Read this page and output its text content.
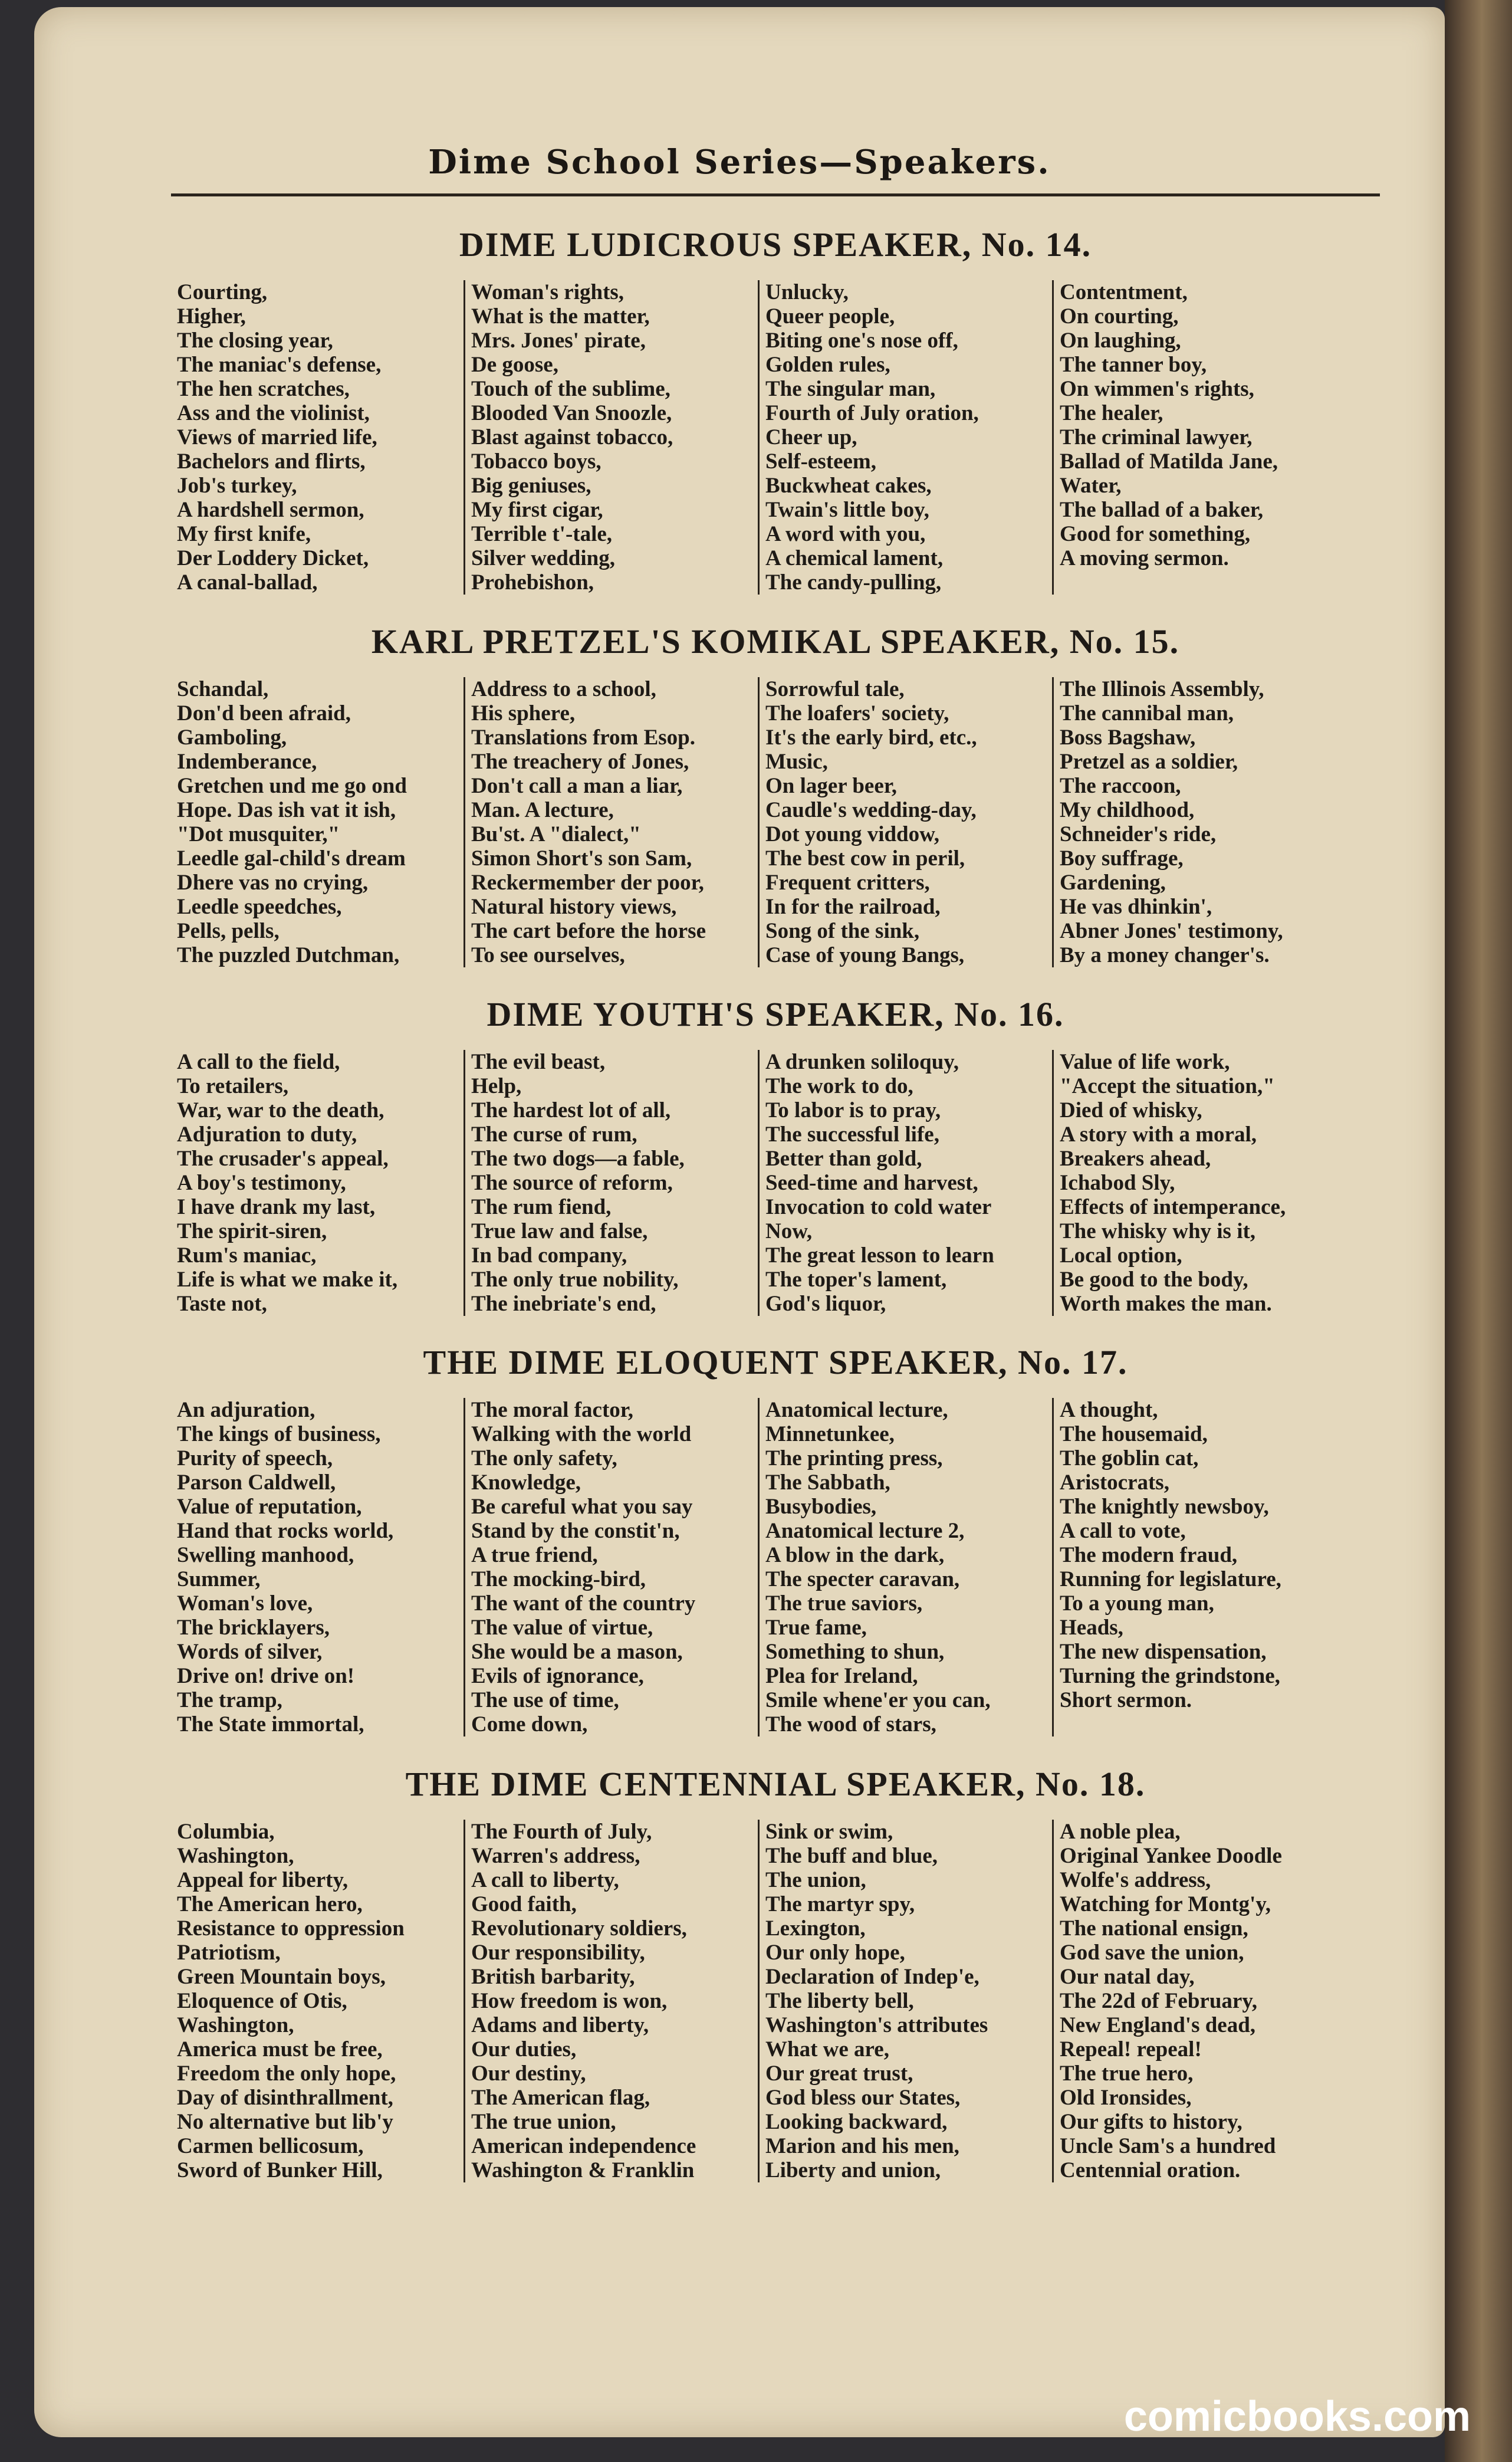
Dime School Series—Speakers.
DIME LUDICROUS SPEAKER, No. 14.
Courting,
Higher,
The closing year,
The maniac's defense,
The hen scratches,
Ass and the violinist,
Views of married life,
Bachelors and flirts,
Job's turkey,
A hardshell sermon,
My first knife,
Der Loddery Dicket,
A canal-ballad,
Woman's rights,
What is the matter,
Mrs. Jones' pirate,
De goose,
Touch of the sublime,
Blooded Van Snoozle,
Blast against tobacco,
Tobacco boys,
Big geniuses,
My first cigar,
Terrible t'-tale,
Silver wedding,
Prohebishon,
Unlucky,
Queer people,
Biting one's nose off,
Golden rules,
The singular man,
Fourth of July oration,
Cheer up,
Self-esteem,
Buckwheat cakes,
Twain's little boy,
A word with you,
A chemical lament,
The candy-pulling,
Contentment,
On courting,
On laughing,
The tanner boy,
On wimmen's rights,
The healer,
The criminal lawyer,
Ballad of Matilda Jane,
Water,
The ballad of a baker,
Good for something,
A moving sermon.
KARL PRETZEL'S KOMIKAL SPEAKER, No. 15.
Schandal,
Don'd been afraid,
Gamboling,
Indemberance,
Gretchen und me go ond
Hope. Das ish vat it ish,
"Dot musquiter,"
Leedle gal-child's dream
Dhere vas no crying,
Leedle speedches,
Pells, pells,
The puzzled Dutchman,
Address to a school,
His sphere,
Translations from Esop.
The treachery of Jones,
Don't call a man a liar,
Man. A lecture,
Bu'st. A "dialect,"
Simon Short's son Sam,
Reckermember der poor,
Natural history views,
The cart before the horse
To see ourselves,
Sorrowful tale,
The loafers' society,
It's the early bird, etc.,
Music,
On lager beer,
Caudle's wedding-day,
Dot young viddow,
The best cow in peril,
Frequent critters,
In for the railroad,
Song of the sink,
Case of young Bangs,
The Illinois Assembly,
The cannibal man,
Boss Bagshaw,
Pretzel as a soldier,
The raccoon,
My childhood,
Schneider's ride,
Boy suffrage,
Gardening,
He vas dhinkin',
Abner Jones' testimony,
By a money changer's.
DIME YOUTH'S SPEAKER, No. 16.
A call to the field,
To retailers,
War, war to the death,
Adjuration to duty,
The crusader's appeal,
A boy's testimony,
I have drank my last,
The spirit-siren,
Rum's maniac,
Life is what we make it,
Taste not,
The evil beast,
Help,
The hardest lot of all,
The curse of rum,
The two dogs—a fable,
The source of reform,
The rum fiend,
True law and false,
In bad company,
The only true nobility,
The inebriate's end,
A drunken soliloquy,
The work to do,
To labor is to pray,
The successful life,
Better than gold,
Seed-time and harvest,
Invocation to cold water
Now,
The great lesson to learn
The toper's lament,
God's liquor,
Value of life work,
"Accept the situation,"
Died of whisky,
A story with a moral,
Breakers ahead,
Ichabod Sly,
Effects of intemperance,
The whisky why is it,
Local option,
Be good to the body,
Worth makes the man.
THE DIME ELOQUENT SPEAKER, No. 17.
An adjuration,
The kings of business,
Purity of speech,
Parson Caldwell,
Value of reputation,
Hand that rocks world,
Swelling manhood,
Summer,
Woman's love,
The bricklayers,
Words of silver,
Drive on! drive on!
The tramp,
The State immortal,
The moral factor,
Walking with the world
The only safety,
Knowledge,
Be careful what you say
Stand by the constit'n,
A true friend,
The mocking-bird,
The want of the country
The value of virtue,
She would be a mason,
Evils of ignorance,
The use of time,
Come down,
Anatomical lecture,
Minnetunkee,
The printing press,
The Sabbath,
Busybodies,
Anatomical lecture 2,
A blow in the dark,
The specter caravan,
The true saviors,
True fame,
Something to shun,
Plea for Ireland,
Smile whene'er you can,
The wood of stars,
A thought,
The housemaid,
The goblin cat,
Aristocrats,
The knightly newsboy,
A call to vote,
The modern fraud,
Running for legislature,
To a young man,
Heads,
The new dispensation,
Turning the grindstone,
Short sermon.
THE DIME CENTENNIAL SPEAKER, No. 18.
Columbia,
Washington,
Appeal for liberty,
The American hero,
Resistance to oppression
Patriotism,
Green Mountain boys,
Eloquence of Otis,
Washington,
America must be free,
Freedom the only hope,
Day of disinthrallment,
No alternative but lib'y
Carmen bellicosum,
Sword of Bunker Hill,
The Fourth of July,
Warren's address,
A call to liberty,
Good faith,
Revolutionary soldiers,
Our responsibility,
British barbarity,
How freedom is won,
Adams and liberty,
Our duties,
Our destiny,
The American flag,
The true union,
American independence
Washington & Franklin
Sink or swim,
The buff and blue,
The union,
The martyr spy,
Lexington,
Our only hope,
Declaration of Indep'e,
The liberty bell,
Washington's attributes
What we are,
Our great trust,
God bless our States,
Looking backward,
Marion and his men,
Liberty and union,
A noble plea,
Original Yankee Doodle
Wolfe's address,
Watching for Montg'y,
The national ensign,
God save the union,
Our natal day,
The 22d of February,
New England's dead,
Repeal! repeal!
The true hero,
Old Ironsides,
Our gifts to history,
Uncle Sam's a hundred
Centennial oration.
comicbooks.com
